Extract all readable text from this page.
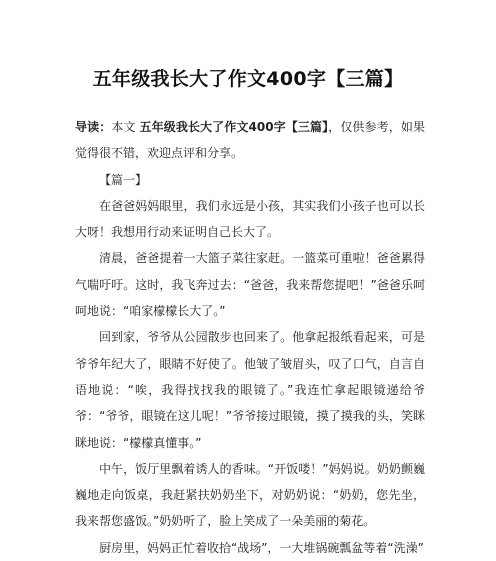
五年级我长大了作文400字【三篇】

导读：本文 五年级我长大了作文400字【三篇】，仅供参考，如果觉得很不错，欢迎点评和分享。

【篇一】

在爸爸妈妈眼里，我们永远是小孩，其实我们小孩子也可以长大呀！我想用行动来证明自己长大了。

清晨，爸爸提着一大篮子菜往家赶。一篮菜可重啦！爸爸累得气喘吁吁。这时，我飞奔过去：“爸爸，我来帮您提吧！”爸爸乐呵呵地说：“咱家檬檬长大了。”

回到家，爷爷从公园散步也回来了。他拿起报纸看起来，可是爷爷年纪大了，眼睛不好使了。他皱了皱眉头，叹了口气，自言自语地说：“唉，我得找找我的眼镜了。”我连忙拿起眼镜递给爷爷：“爷爷，眼镜在这儿呢！”爷爷接过眼镜，摸了摸我的头，笑眯眯地说：“檬檬真懂事。”

中午，饭厅里飘着诱人的香味。“开饭喽！”妈妈说。奶奶颤巍巍地走向饭桌，我赶紧扶奶奶坐下，对奶奶说：“奶奶，您先坐，我来帮您盛饭。”奶奶听了，脸上笑成了一朵美丽的菊花。

厨房里，妈妈正忙着收拾“战场”，一大堆锅碗瓢盆等着“洗澡”
